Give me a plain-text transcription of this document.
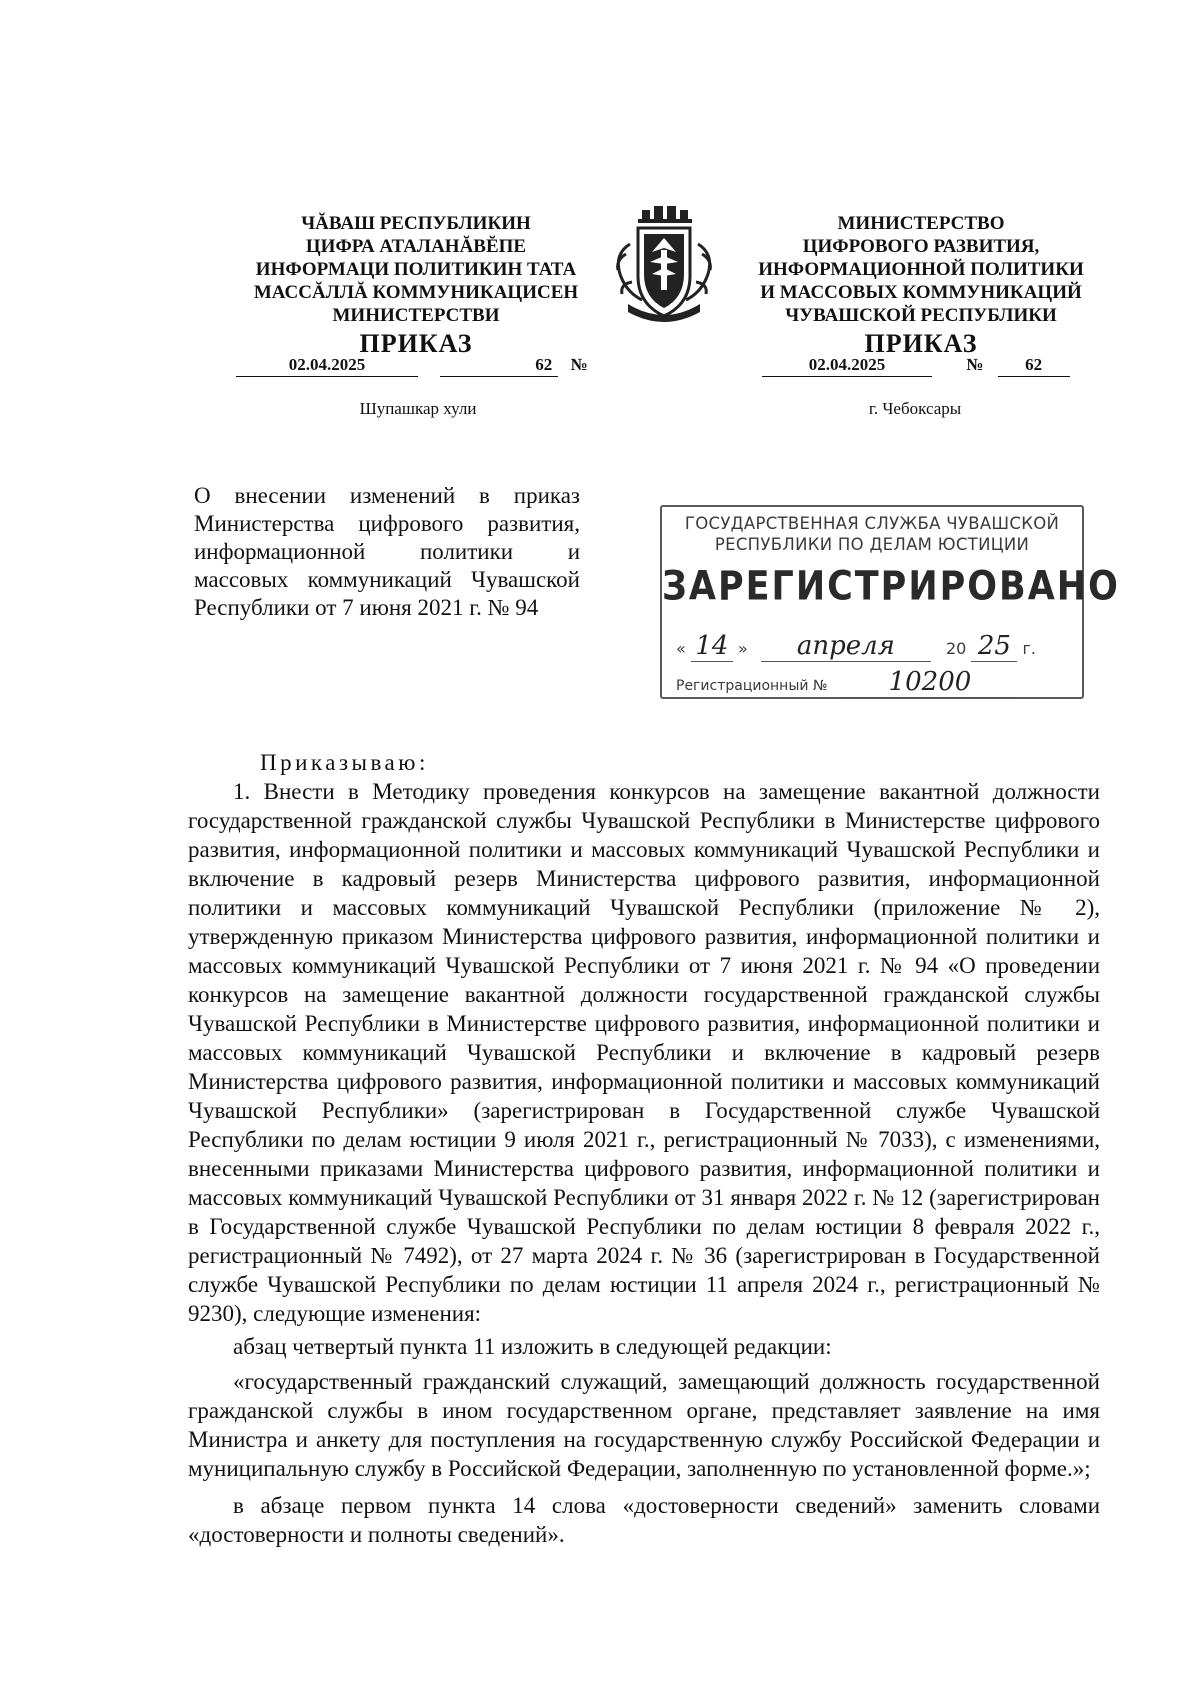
ЧĂВАШ РЕСПУБЛИКИН
ЦИФРА АТАЛАНĂВĔПЕ
ИНФОРМАЦИ ПОЛИТИКИН ТАТА
МАССĂЛЛĂ КОММУНИКАЦИСЕН
МИНИСТЕРСТВИ
ПРИКАЗ
02.04.2025	62 №
Шупашкар хули
МИНИСТЕРСТВО
ЦИФРОВОГО РАЗВИТИЯ,
ИНФОРМАЦИОННОЙ ПОЛИТИКИ
И МАССОВЫХ КОММУНИКАЦИЙ
ЧУВАШСКОЙ РЕСПУБЛИКИ
ПРИКАЗ
02.04.2025	№ 62
г. Чебоксары
О внесении изменений в приказ Министерства цифрового развития, информационной политики и массовых коммуникаций Чувашской Республики от 7 июня 2021 г. № 94
ГОСУДАРСТВЕННАЯ СЛУЖБА ЧУВАШСКОЙ
РЕСПУБЛИКИ ПО ДЕЛАМ ЮСТИЦИИ
ЗАРЕГИСТРИРОВАНО
« 14 » апреля	20 25 г.
Регистрационный № 10200

Приказываю:

1. Внести в Методику проведения конкурсов на замещение вакантной должности государственной гражданской службы Чувашской Республики в Министерстве цифрового развития, информационной политики и массовых коммуникаций Чувашской Республики и включение в кадровый резерв Министерства цифрового развития, информационной политики и массовых коммуникаций Чувашской Республики (приложение № 2), утвержденную приказом Министерства цифрового развития, информационной политики и массовых коммуникаций Чувашской Республики от 7 июня 2021 г. № 94 «О проведении конкурсов на замещение вакантной должности государственной гражданской службы Чувашской Республики в Министерстве цифрового развития, информационной политики и массовых коммуникаций Чувашской Республики и включение в кадровый резерв Министерства цифрового развития, информационной политики и массовых коммуникаций Чувашской Республики» (зарегистрирован в Государственной службе Чувашской Республики по делам юстиции 9 июля 2021 г., регистрационный № 7033), с изменениями, внесенными приказами Министерства цифрового развития, информационной политики и массовых коммуникаций Чувашской Республики от 31 января 2022 г. № 12 (зарегистрирован в Государственной службе Чувашской Республики по делам юстиции 8 февраля 2022 г., регистрационный № 7492), от 27 марта 2024 г. № 36 (зарегистрирован в Государственной службе Чувашской Республики по делам юстиции 11 апреля 2024 г., регистрационный № 9230), следующие изменения:

абзац четвертый пункта 11 изложить в следующей редакции:

«государственный гражданский служащий, замещающий должность государственной гражданской службы в ином государственном органе, представляет заявление на имя Министра и анкету для поступления на государственную службу Российской Федерации и муниципальную службу в Российской Федерации, заполненную по установленной форме.»;

в абзаце первом пункта 14 слова «достоверности сведений» заменить словами «достоверности и полноты сведений».
